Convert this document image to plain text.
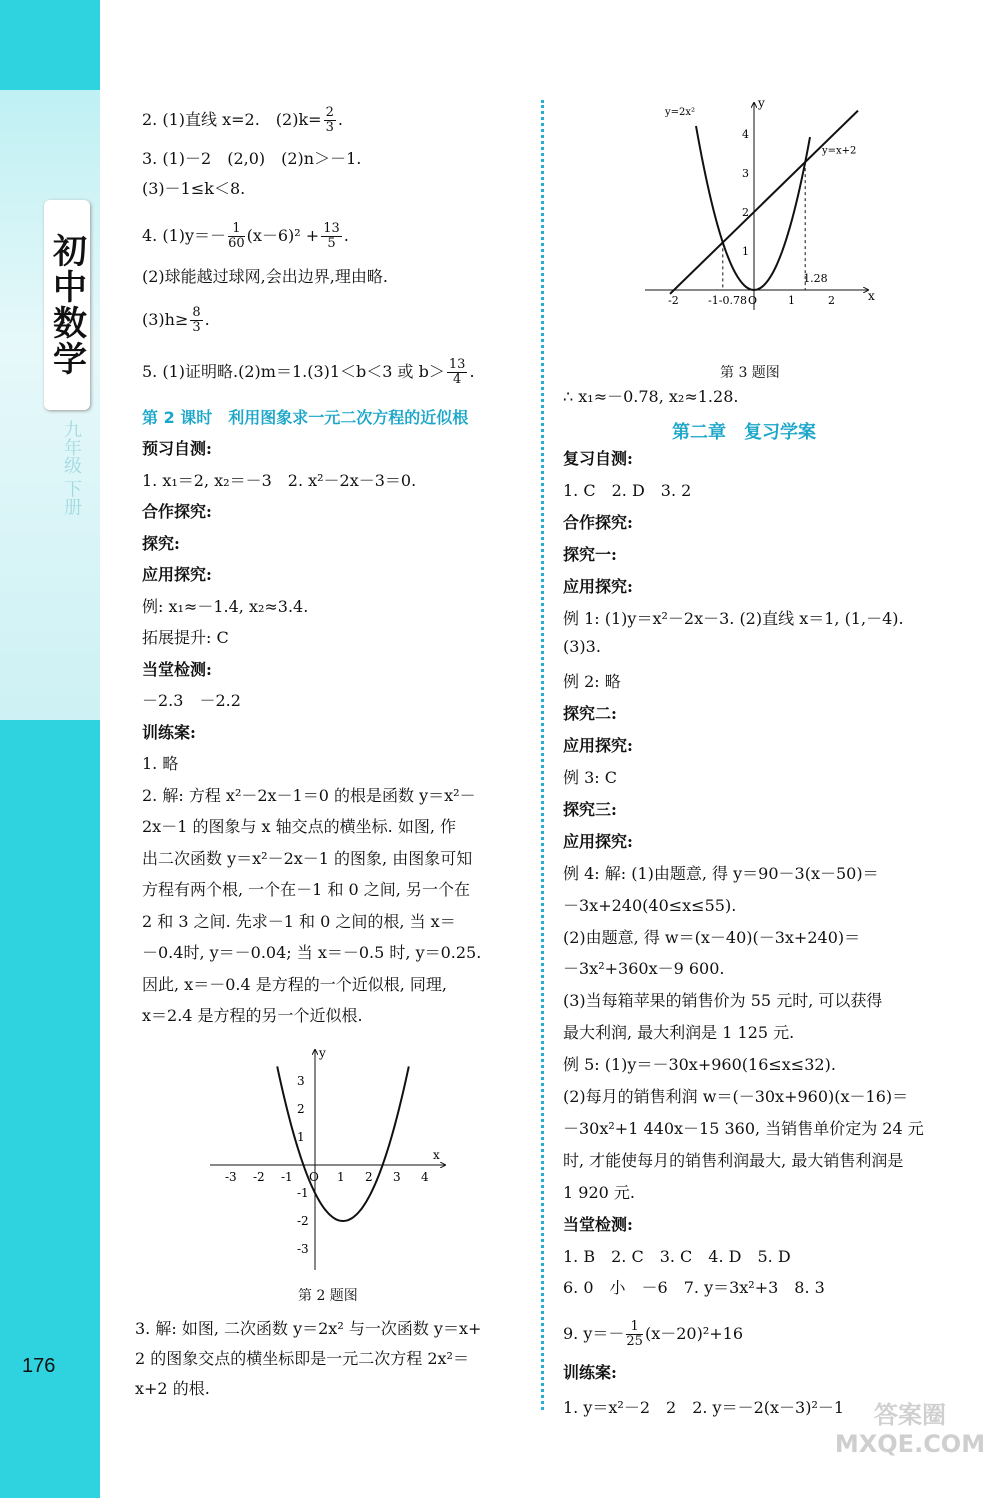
初中数学
九年级 下册
176
2. (1)直线 x=2.　$(2)k= \frac{2}{3}$ .
3. (1)－2　(2,0)　(2)n＞－1.
(3)－1≤k＜8.
4. $(1)y=- \frac{1}{60} (x-6)^2 + \frac{13}{5}$ .
(2)球能越过球网,会出边界,理由略.
$(3)h\ge \frac{8}{3}$ .
5. (1)证明略.(2)m＝1.(3)1＜b＜3 或 $b> \frac{13}{4}$ .
第 2 课时　利用图象求一元二次方程的近似根
预习自测:
1. x₁＝2, x₂＝－3　2. x²－2x－3＝0.
合作探究:
探究:
应用探究:
例: x₁≈－1.4, x₂≈3.4.
拓展提升: C
当堂检测:
－2.3　－2.2
训练案:
1. 略
2. 解: 方程 x²－2x－1＝0 的根是函数 y＝x²－
2x－1 的图象与 x 轴交点的横坐标. 如图, 作
出二次函数 y＝x²－2x－1 的图象, 由图象可知
方程有两个根, 一个在－1 和 0 之间, 另一个在
2 和 3 之间. 先求－1 和 0 之间的根, 当 x＝
－0.4时, y＝－0.04; 当 x＝－0.5 时, y＝0.25.
因此, x＝－0.4 是方程的一个近似根, 同理,
x＝2.4 是方程的另一个近似根.
-3 -2 -1 O 1 2 3 4
3
2
1
-1
-2
-3
x
y
第 2 题图
3. 解: 如图, 二次函数 y＝2x² 与一次函数 y＝x+
2 的图象交点的横坐标即是一元二次方程 2x²＝
x+2 的根.
-2	-1 -0.78 O	1	2
4
3
2
1
1.28
y=2x²
y=x+2
x
y
第 3 题图
∴ x₁≈－0.78, x₂≈1.28.
第二章　复习学案
复习自测:
1. C　2. D　3. 2
合作探究:
探究一:
应用探究:
例 1: (1)y＝x²－2x－3. (2)直线 x＝1, (1,－4).
(3)3.
例 2: 略
探究二:
应用探究:
例 3: C
探究三:
应用探究:
例 4: 解: (1)由题意, 得 y＝90－3(x－50)＝
－3x+240(40≤x≤55).
(2)由题意, 得 w＝(x－40)(－3x+240)＝
－3x²+360x－9 600.
(3)当每箱苹果的销售价为 55 元时, 可以获得
最大利润, 最大利润是 1 125 元.
例 5: (1)y＝－30x+960(16≤x≤32).
(2)每月的销售利润 w＝(－30x+960)(x－16)＝
－30x²+1 440x－15 360, 当销售单价定为 24 元
时, 才能使每月的销售利润最大, 最大销售利润是
1 920 元.
当堂检测:
1. B　2. C　3. C　4. D　5. D
6. 0　小　－6　7. y＝3x²+3　8. 3
9. $y=- \frac{1}{25} (x-20)^2+16$
训练案:
1. y＝x²－2　2　2. y＝－2(x－3)²－1	答案圈
MXQE.COM
